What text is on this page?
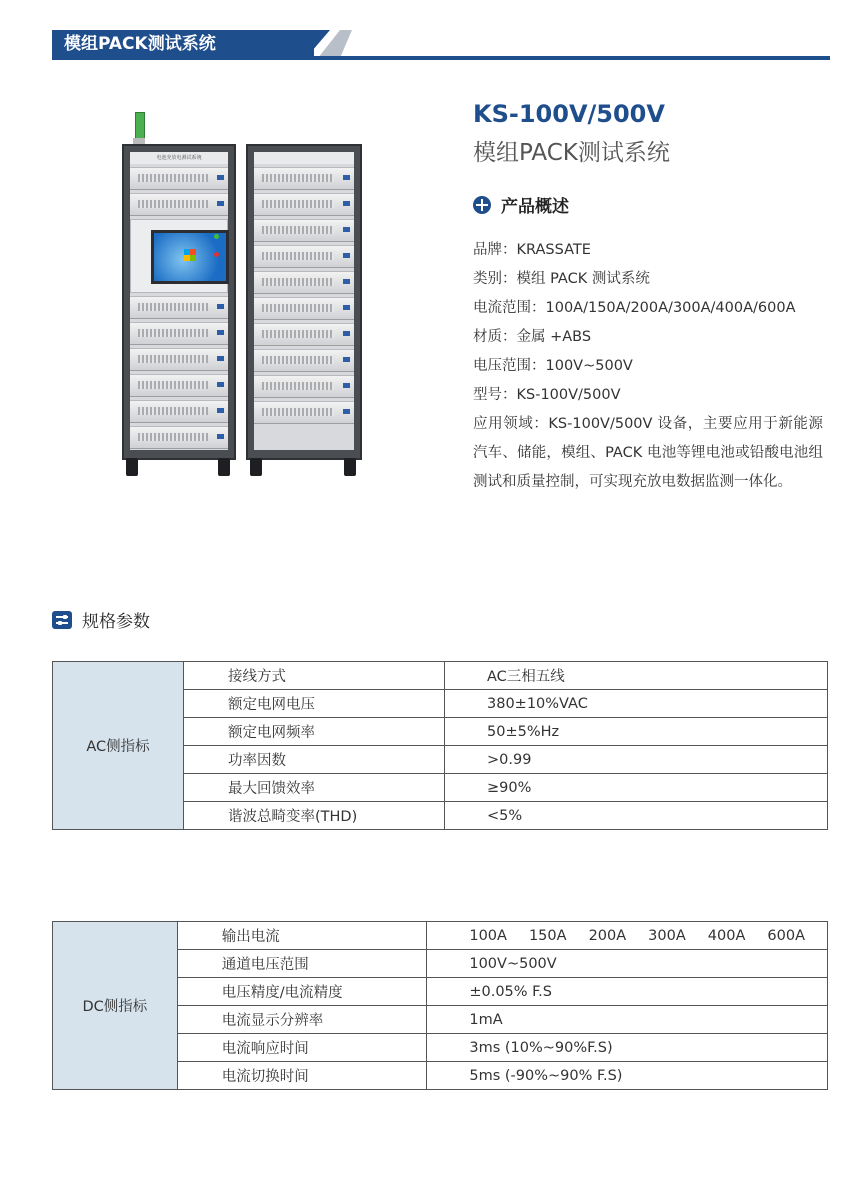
模组PACK测试系统
电池充放电测试系统
KS-100V/500V
模组PACK测试系统
产品概述
品牌：KRASSATE
类别：模组 PACK 测试系统
电流范围：100A/150A/200A/300A/400A/600A
材质：金属 +ABS
电压范围：100V~500V
型号：KS-100V/500V
应用领域：KS-100V/500V 设备，主要应用于新能源汽车、储能，模组、PACK 电池等锂电池或铅酸电池组测试和质量控制，可实现充放电数据监测一体化。
规格参数
AC侧指标	接线方式	AC三相五线
	额定电网电压	380±10%VAC
	额定电网频率	50±5%Hz
	功率因数	>0.99
	最大回馈效率	≥90%
	谐波总畸变率(THD)	<5%
DC侧指标	输出电流	100A 150A 200A 300A 400A 600A
	通道电压范围	100V~500V
	电压精度/电流精度	±0.05% F.S
	电流显示分辨率	1mA
	电流响应时间	3ms (10%~90%F.S)
	电流切换时间	5ms (-90%~90% F.S)
